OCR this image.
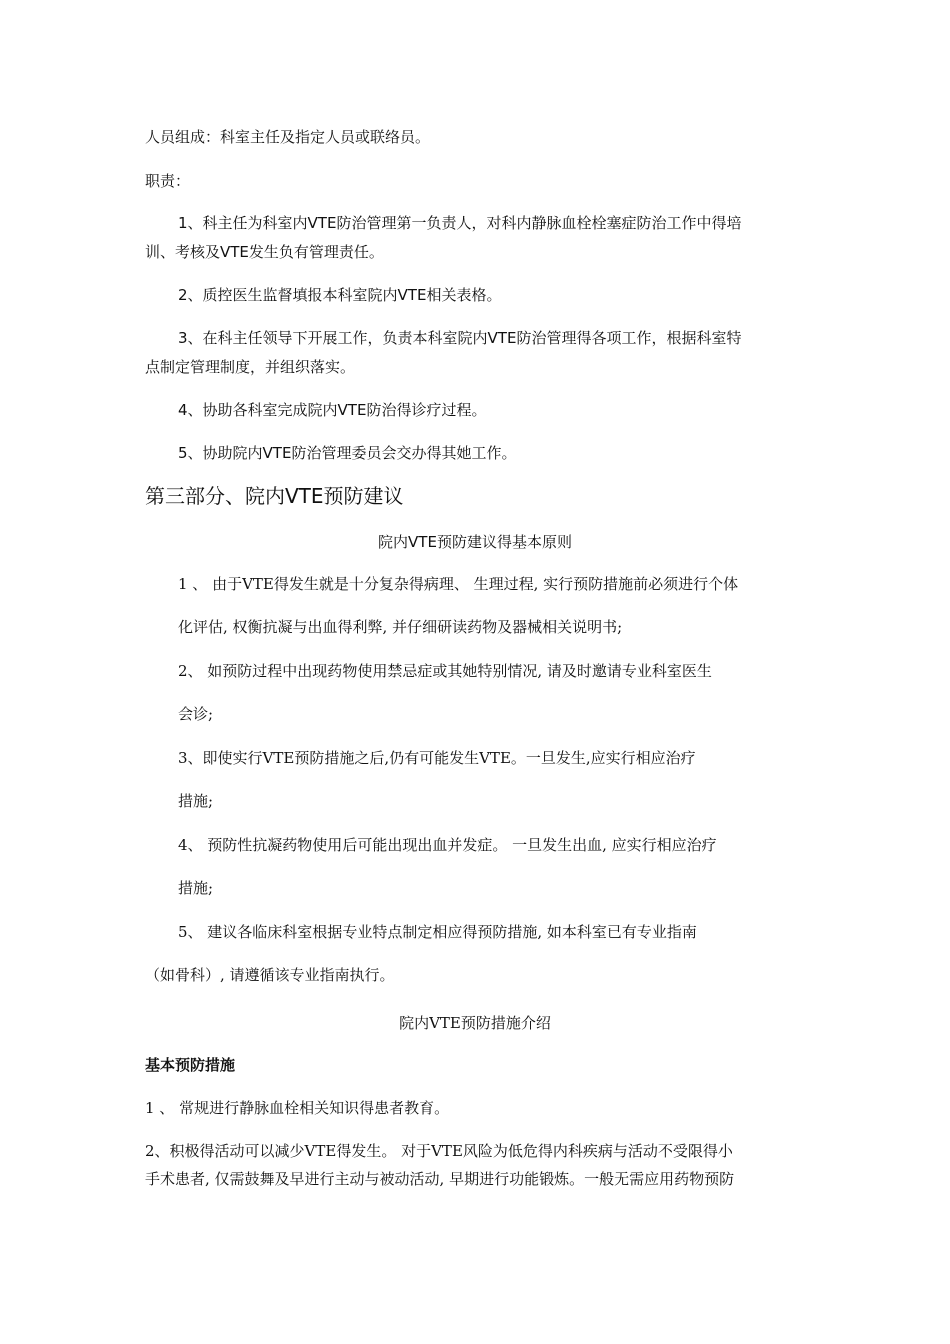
人员组成：科室主任及指定人员或联络员。
职责：
1、科主任为科室内VTE防治管理第一负责人，对科内静脉血栓栓塞症防治工作中得培
训、考核及VTE发生负有管理责任。
2、质控医生监督填报本科室院内VTE相关表格。
3、在科主任领导下开展工作，负责本科室院内VTE防治管理得各项工作，根据科室特
点制定管理制度，并组织落实。
4、协助各科室完成院内VTE防治得诊疗过程。
5、协助院内VTE防治管理委员会交办得其她工作。
第三部分、院内VTE预防建议
院内VTE预防建议得基本原则
1 、 由于VTE得发生就是十分复杂得病理、 生理过程, 实行预防措施前必须进行个体
化评估, 权衡抗凝与出血得利弊, 并仔细研读药物及器械相关说明书;
2、 如预防过程中出现药物使用禁忌症或其她特别情况, 请及时邀请专业科室医生
会诊;
3、即使实行VTE预防措施之后,仍有可能发生VTE。一旦发生,应实行相应治疗
措施;
4、 预防性抗凝药物使用后可能出现出血并发症。 一旦发生出血, 应实行相应治疗
措施;
5、 建议各临床科室根据专业特点制定相应得预防措施, 如本科室已有专业指南
（如骨科）, 请遵循该专业指南执行。
院内VTE预防措施介绍
基本预防措施
1 、 常规进行静脉血栓相关知识得患者教育。
2、积极得活动可以减少VTE得发生。 对于VTE风险为低危得内科疾病与活动不受限得小
手术患者, 仅需鼓舞及早进行主动与被动活动, 早期进行功能锻炼。一般无需应用药物预防
